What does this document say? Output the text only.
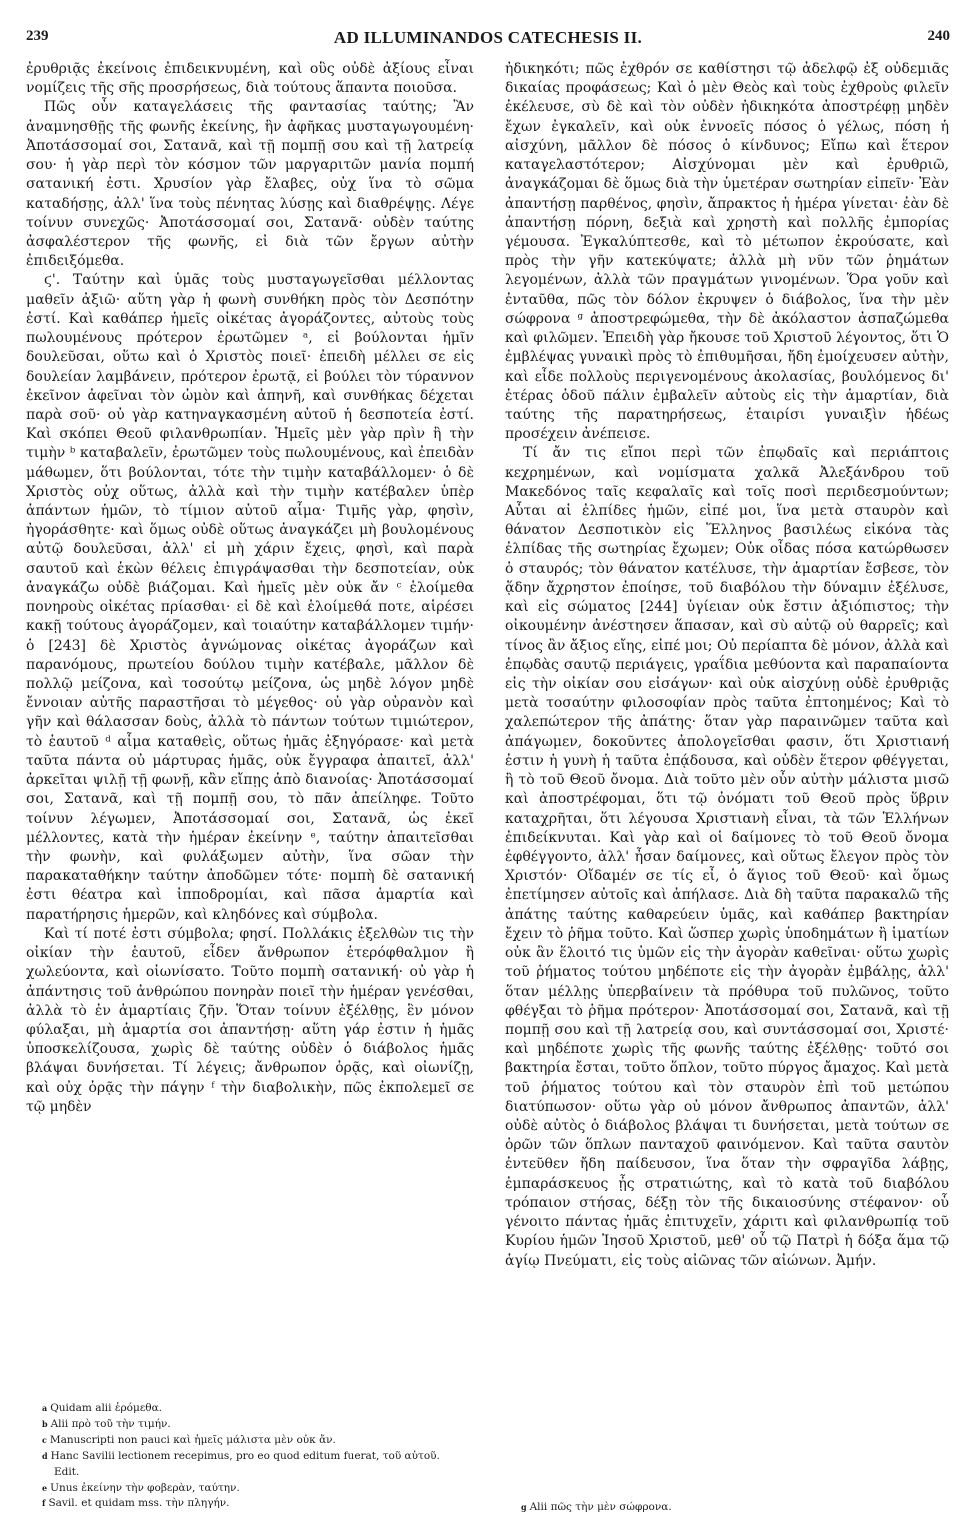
239	AD ILLUMINANDOS CATECHESIS II.	240

ἐρυθριᾷς ἐκείνοις ἐπιδεικνυμένη, καὶ οὓς οὐδὲ ἀξίους εἶναι νομίζεις τῆς σῆς προσρήσεως, διὰ τούτους ἅπαντα ποιοῦσα.

Πῶς οὖν καταγελάσεις τῆς φαντασίας ταύτης; Ἂν ἀναμνησθῇς τῆς φωνῆς ἐκείνης, ἣν ἀφῆκας μυσταγωγουμένη· Ἀποτάσσομαί σοι, Σατανᾶ, καὶ τῇ πομπῇ σου καὶ τῇ λατρείᾳ σου· ἡ γὰρ περὶ τὸν κόσμον τῶν μαργαριτῶν μανία πομπή σατανική ἐστι. Χρυσίον γὰρ ἔλαβες, οὐχ ἵνα τὸ σῶμα καταδήσῃς, ἀλλ' ἵνα τοὺς πένητας λύσῃς καὶ διαθρέψῃς. Λέγε τοίνυν συνεχῶς· Ἀποτάσσομαί σοι, Σατανᾶ· οὐδὲν ταύτης ἀσφαλέστερον τῆς φωνῆς, εἰ διὰ τῶν ἔργων αὐτὴν ἐπιδειξόμεθα.

ϛ'. Ταύτην καὶ ὑμᾶς τοὺς μυσταγωγεῖσθαι μέλλοντας μαθεῖν ἀξιῶ· αὕτη γὰρ ἡ φωνὴ συνθήκη πρὸς τὸν Δεσπότην ἐστί. Καὶ καθάπερ ἡμεῖς οἰκέτας ἀγοράζοντες, αὐτοὺς τοὺς πωλουμένους πρότερον ἐρωτῶμεν ᵃ, εἰ βούλονται ἡμῖν δουλεῦσαι, οὕτω καὶ ὁ Χριστὸς ποιεῖ· ἐπειδὴ μέλλει σε εἰς δουλείαν λαμβάνειν, πρότερον ἐρωτᾷ, εἰ βούλει τὸν τύραννον ἐκεῖνον ἀφεῖναι τὸν ὠμὸν καὶ ἀπηνῆ, καὶ συνθήκας δέχεται παρὰ σοῦ· οὐ γὰρ κατηναγκασμένη αὐτοῦ ἡ δεσποτεία ἐστί. Καὶ σκόπει Θεοῦ φιλανθρωπίαν. Ἡμεῖς μὲν γὰρ πρὶν ἢ τὴν τιμὴν ᵇ καταβαλεῖν, ἐρωτῶμεν τοὺς πωλουμένους, καὶ ἐπειδὰν μάθωμεν, ὅτι βούλονται, τότε τὴν τιμὴν καταβάλλομεν· ὁ δὲ Χριστὸς οὐχ οὕτως, ἀλλὰ καὶ τὴν τιμὴν κατέβαλεν ὑπὲρ ἁπάντων ἡμῶν, τὸ τίμιον αὐτοῦ αἷμα· Τιμῆς γὰρ, φησὶν, ἠγοράσθητε· καὶ ὅμως οὐδὲ οὕτως ἀναγκάζει μὴ βουλομένους αὐτῷ δουλεῦσαι, ἀλλ' εἰ μὴ χάριν ἔχεις, φησὶ, καὶ παρὰ σαυτοῦ καὶ ἑκὼν θέλεις ἐπιγράψασθαι τὴν δεσποτείαν, οὐκ ἀναγκάζω οὐδὲ βιάζομαι. Καὶ ἡμεῖς μὲν οὐκ ἄν ᶜ ἑλοίμεθα πονηροὺς οἰκέτας πρίασθαι· εἰ δὲ καὶ ἑλοίμεθά ποτε, αἱρέσει κακῇ τούτους ἀγοράζομεν, καὶ τοιαύτην καταβάλλομεν τιμήν· ὁ [243] δὲ Χριστὸς ἀγνώμονας οἰκέτας ἀγοράζων καὶ παρανόμους, πρωτείου δούλου τιμὴν κατέβαλε, μᾶλλον δὲ πολλῷ μείζονα, καὶ τοσούτῳ μείζονα, ὡς μηδὲ λόγον μηδὲ ἔννοιαν αὐτῆς παραστῆσαι τὸ μέγεθος· οὐ γὰρ οὐρανὸν καὶ γῆν καὶ θάλασσαν δοὺς, ἀλλὰ τὸ πάντων τούτων τιμιώτερον, τὸ ἑαυτοῦ ᵈ αἷμα καταθεὶς, οὕτως ἡμᾶς ἐξηγόρασε· καὶ μετὰ ταῦτα πάντα οὐ μάρτυρας ἡμᾶς, οὐκ ἔγγραφα ἀπαιτεῖ, ἀλλ' ἀρκεῖται ψιλῇ τῇ φωνῇ, κἂν εἴπῃς ἀπὸ διανοίας· Ἀποτάσσομαί σοι, Σατανᾶ, καὶ τῇ πομπῇ σου, τὸ πᾶν ἀπείληφε. Τοῦτο τοίνυν λέγωμεν, Ἀποτάσσομαί σοι, Σατανᾶ, ὡς ἐκεῖ μέλλοντες, κατὰ τὴν ἡμέραν ἐκείνην ᵉ, ταύτην ἀπαιτεῖσθαι τὴν φωνὴν, καὶ φυλάξωμεν αὐτὴν, ἵνα σῶαν τὴν παρακαταθήκην ταύτην ἀποδῶμεν τότε· πομπὴ δὲ σατανική ἐστι θέατρα καὶ ἱπποδρομίαι, καὶ πᾶσα ἁμαρτία καὶ παρατήρησις ἡμερῶν, καὶ κληδόνες καὶ σύμβολα.

Καὶ τί ποτέ ἐστι σύμβολα; φησί. Πολλάκις ἐξελθὼν τις τὴν οἰκίαν τὴν ἑαυτοῦ, εἶδεν ἄνθρωπον ἑτερόφθαλμον ἢ χωλεύοντα, καὶ οἰωνίσατο. Τοῦτο πομπὴ σατανική· οὐ γὰρ ἡ ἀπάντησις τοῦ ἀνθρώπου πονηρὰν ποιεῖ τὴν ἡμέραν γενέσθαι, ἀλλὰ τὸ ἐν ἁμαρτίαις ζῆν. Ὅταν τοίνυν ἐξέλθῃς, ἓν μόνον φύλαξαι, μὴ ἁμαρτία σοι ἀπαντήσῃ· αὕτη γάρ ἐστιν ἡ ἡμᾶς ὑποσκελίζουσα, χωρὶς δὲ ταύτης οὐδὲν ὁ διάβολος ἡμᾶς βλάψαι δυνήσεται. Τί λέγεις; ἄνθρωπον ὁρᾷς, καὶ οἰωνίζῃ, καὶ οὐχ ὁρᾷς τὴν πάγην ᶠ τὴν διαβολικὴν, πῶς ἐκπολεμεῖ σε τῷ μηδὲν

ἠδικηκότι; πῶς ἐχθρόν σε καθίστησι τῷ ἀδελφῷ ἐξ οὐδεμιᾶς δικαίας προφάσεως; Καὶ ὁ μὲν Θεὸς καὶ τοὺς ἐχθροὺς φιλεῖν ἐκέλευσε, σὺ δὲ καὶ τὸν οὐδὲν ἠδικηκότα ἀποστρέφῃ μηδὲν ἔχων ἐγκαλεῖν, καὶ οὐκ ἐννοεῖς πόσος ὁ γέλως, πόση ἡ αἰσχύνη, μᾶλλον δὲ πόσος ὁ κίνδυνος; Εἴπω καὶ ἕτερον καταγελαστότερον; Αἰσχύνομαι μὲν καὶ ἐρυθριῶ, ἀναγκάζομαι δὲ ὅμως διὰ τὴν ὑμετέραν σωτηρίαν εἰπεῖν· Ἐὰν ἀπαντήσῃ παρθένος, φησὶν, ἄπρακτος ἡ ἡμέρα γίνεται· ἐὰν δὲ ἀπαντήσῃ πόρνη, δεξιὰ καὶ χρηστὴ καὶ πολλῆς ἐμπορίας γέμουσα. Ἐγκαλύπτεσθε, καὶ τὸ μέτωπον ἐκρούσατε, καὶ πρὸς τὴν γῆν κατεκύψατε; ἀλλὰ μὴ νῦν τῶν ῥημάτων λεγομένων, ἀλλὰ τῶν πραγμάτων γινομένων. Ὅρα γοῦν καὶ ἐνταῦθα, πῶς τὸν δόλον ἐκρυψεν ὁ διάβολος, ἵνα τὴν μὲν σώφρονα ᵍ ἀποστρεφώμεθα, τὴν δὲ ἀκόλαστον ἀσπαζώμεθα καὶ φιλῶμεν. Ἐπειδὴ γὰρ ἤκουσε τοῦ Χριστοῦ λέγοντος, ὅτι Ὁ ἐμβλέψας γυναικὶ πρὸς τὸ ἐπιθυμῆσαι, ἤδη ἐμοίχευσεν αὐτὴν, καὶ εἶδε πολλοὺς περιγενομένους ἀκολασίας, βουλόμενος δι' ἑτέρας ὁδοῦ πάλιν ἐμβαλεῖν αὐτοὺς εἰς τὴν ἁμαρτίαν, διὰ ταύτης τῆς παρατηρήσεως, ἑταιρίσι γυναιξὶν ἡδέως προσέχειν ἀνέπεισε.

Τί ἄν τις εἴποι περὶ τῶν ἐπῳδαῖς καὶ περιάπτοις κεχρημένων, καὶ νομίσματα χαλκᾶ Ἀλεξάνδρου τοῦ Μακεδόνος ταῖς κεφαλαῖς καὶ τοῖς ποσὶ περιδεσμούντων; Αὗται αἱ ἐλπίδες ἡμῶν, εἰπέ μοι, ἵνα μετὰ σταυρὸν καὶ θάνατον Δεσποτικὸν εἰς Ἕλληνος βασιλέως εἰκόνα τὰς ἐλπίδας τῆς σωτηρίας ἔχωμεν; Οὐκ οἶδας πόσα κατώρθωσεν ὁ σταυρός; τὸν θάνατον κατέλυσε, τὴν ἁμαρτίαν ἔσβεσε, τὸν ᾅδην ἄχρηστον ἐποίησε, τοῦ διαβόλου τὴν δύναμιν ἐξέλυσε, καὶ εἰς σώματος [244] ὑγίειαν οὐκ ἔστιν ἀξιόπιστος; τὴν οἰκουμένην ἀνέστησεν ἅπασαν, καὶ σὺ αὐτῷ οὐ θαρρεῖς; καὶ τίνος ἂν ἄξιος εἴης, εἰπέ μοι; Οὐ περίαπτα δὲ μόνον, ἀλλὰ καὶ ἐπῳδὰς σαυτῷ περιάγεις, γραΐδια μεθύοντα καὶ παραπαίοντα εἰς τὴν οἰκίαν σου εἰσάγων· καὶ οὐκ αἰσχύνῃ οὐδὲ ἐρυθριᾷς μετὰ τοσαύτην φιλοσοφίαν πρὸς ταῦτα ἐπτοημένος; Καὶ τὸ χαλεπώτερον τῆς ἀπάτης· ὅταν γὰρ παραινῶμεν ταῦτα καὶ ἀπάγωμεν, δοκοῦντες ἀπολογεῖσθαι φασιν, ὅτι Χριστιανή ἐστιν ἡ γυνὴ ἡ ταῦτα ἐπᾴδουσα, καὶ οὐδὲν ἕτερον φθέγγεται, ἢ τὸ τοῦ Θεοῦ ὄνομα. Διὰ τοῦτο μὲν οὖν αὐτὴν μάλιστα μισῶ καὶ ἀποστρέφομαι, ὅτι τῷ ὀνόματι τοῦ Θεοῦ πρὸς ὕβριν καταχρῆται, ὅτι λέγουσα Χριστιανὴ εἶναι, τὰ τῶν Ἑλλήνων ἐπιδείκνυται. Καὶ γὰρ καὶ οἱ δαίμονες τὸ τοῦ Θεοῦ ὄνομα ἐφθέγγοντο, ἀλλ' ἦσαν δαίμονες, καὶ οὕτως ἔλεγον πρὸς τὸν Χριστόν· Οἴδαμέν σε τίς εἶ, ὁ ἅγιος τοῦ Θεοῦ· καὶ ὅμως ἐπετίμησεν αὐτοῖς καὶ ἀπήλασε. Διὰ δὴ ταῦτα παρακαλῶ τῆς ἀπάτης ταύτης καθαρεύειν ὑμᾶς, καὶ καθάπερ βακτηρίαν ἔχειν τὸ ῥῆμα τοῦτο. Καὶ ὥσπερ χωρὶς ὑποδημάτων ἢ ἱματίων οὐκ ἂν ἕλοιτό τις ὑμῶν εἰς τὴν ἀγορὰν καθεῖναι· οὕτω χωρὶς τοῦ ῥήματος τούτου μηδέποτε εἰς τὴν ἀγορὰν ἐμβάλῃς, ἀλλ' ὅταν μέλλῃς ὑπερβαίνειν τὰ πρόθυρα τοῦ πυλῶνος, τοῦτο φθέγξαι τὸ ῥῆμα πρότερον· Ἀποτάσσομαί σοι, Σατανᾶ, καὶ τῇ πομπῇ σου καὶ τῇ λατρείᾳ σου, καὶ συντάσσομαί σοι, Χριστέ· καὶ μηδέποτε χωρὶς τῆς φωνῆς ταύτης ἐξέλθῃς· τοῦτό σοι βακτηρία ἔσται, τοῦτο ὅπλον, τοῦτο πύργος ἄμαχος. Καὶ μετὰ τοῦ ῥήματος τούτου καὶ τὸν σταυρὸν ἐπὶ τοῦ μετώπου διατύπωσον· οὕτω γὰρ οὐ μόνον ἄνθρωπος ἀπαντῶν, ἀλλ' οὐδὲ αὐτὸς ὁ διάβολος βλάψαι τι δυνήσεται, μετὰ τούτων σε ὁρῶν τῶν ὅπλων πανταχοῦ φαινόμενον. Καὶ ταῦτα σαυτὸν ἐντεῦθεν ἤδη παίδευσον, ἵνα ὅταν τὴν σφραγῖδα λάβῃς, ἐμπαράσκευος ᾖς στρατιώτης, καὶ τὸ κατὰ τοῦ διαβόλου τρόπαιον στήσας, δέξῃ τὸν τῆς δικαιοσύνης στέφανον· οὗ γένοιτο πάντας ἡμᾶς ἐπιτυχεῖν, χάριτι καὶ φιλανθρωπίᾳ τοῦ Κυρίου ἡμῶν Ἰησοῦ Χριστοῦ, μεθ' οὗ τῷ Πατρὶ ἡ δόξα ἅμα τῷ ἁγίῳ Πνεύματι, εἰς τοὺς αἰῶνας τῶν αἰώνων. Ἀμήν.

a Quidam alii ἐρόμεθα.

b Alii πρὸ τοῦ τὴν τιμήν.

c Manuscripti non pauci καὶ ἡμεῖς μάλιστα μὲν οὐκ ἄν.

d Hanc Savilii lectionem recepimus, pro eo quod editum fuerat, τοῦ αὐτοῦ. Edit.

e Unus ἐκείνην τὴν φοβερὰν, ταύτην.

f Savil. et quidam mss. τὴν πληγήν.	g Alii πῶς τὴν μὲν σώφρονα.
